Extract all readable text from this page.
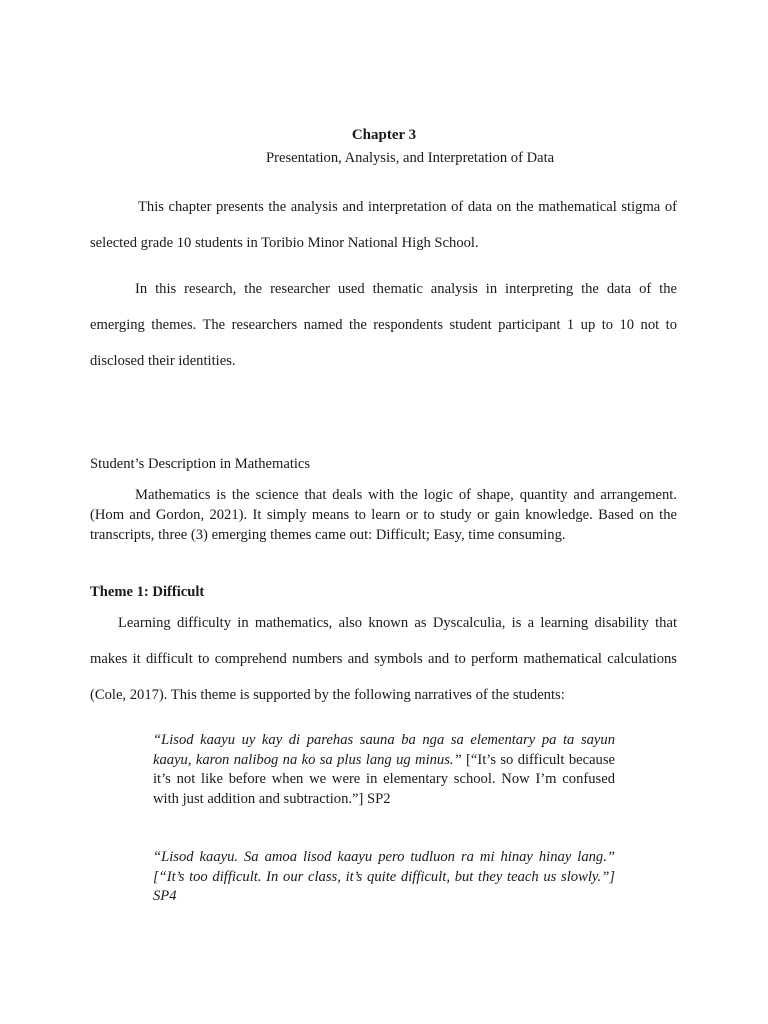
Chapter 3

Presentation, Analysis, and Interpretation of Data

This chapter presents the analysis and interpretation of data on the mathematical stigma of selected grade 10 students in Toribio Minor National High School.

In this research, the researcher used thematic analysis in interpreting the data of the emerging themes. The researchers named the respondents student participant 1 up to 10 not to disclosed their identities.

Student’s Description in Mathematics

Mathematics is the science that deals with the logic of shape, quantity and arrangement. (Hom and Gordon, 2021). It simply means to learn or to study or gain knowledge. Based on the transcripts, three (3) emerging themes came out: Difficult; Easy, time consuming.

Theme 1: Difficult

Learning difficulty in mathematics, also known as Dyscalculia, is a learning disability that makes it difficult to comprehend numbers and symbols and to perform mathematical calculations (Cole, 2017). This theme is supported by the following narratives of the students:

“Lisod kaayu uy kay di parehas sauna ba nga sa elementary pa ta sayun kaayu, karon nalibog na ko sa plus lang ug minus.” [“It’s so difficult because it’s not like before when we were in elementary school. Now I’m confused with just addition and subtraction.”] SP2

“Lisod kaayu. Sa amoa lisod kaayu pero tudluon ra mi hinay hinay lang.” [“It’s too difficult. In our class, it’s quite difficult, but they teach us slowly.”] SP4
